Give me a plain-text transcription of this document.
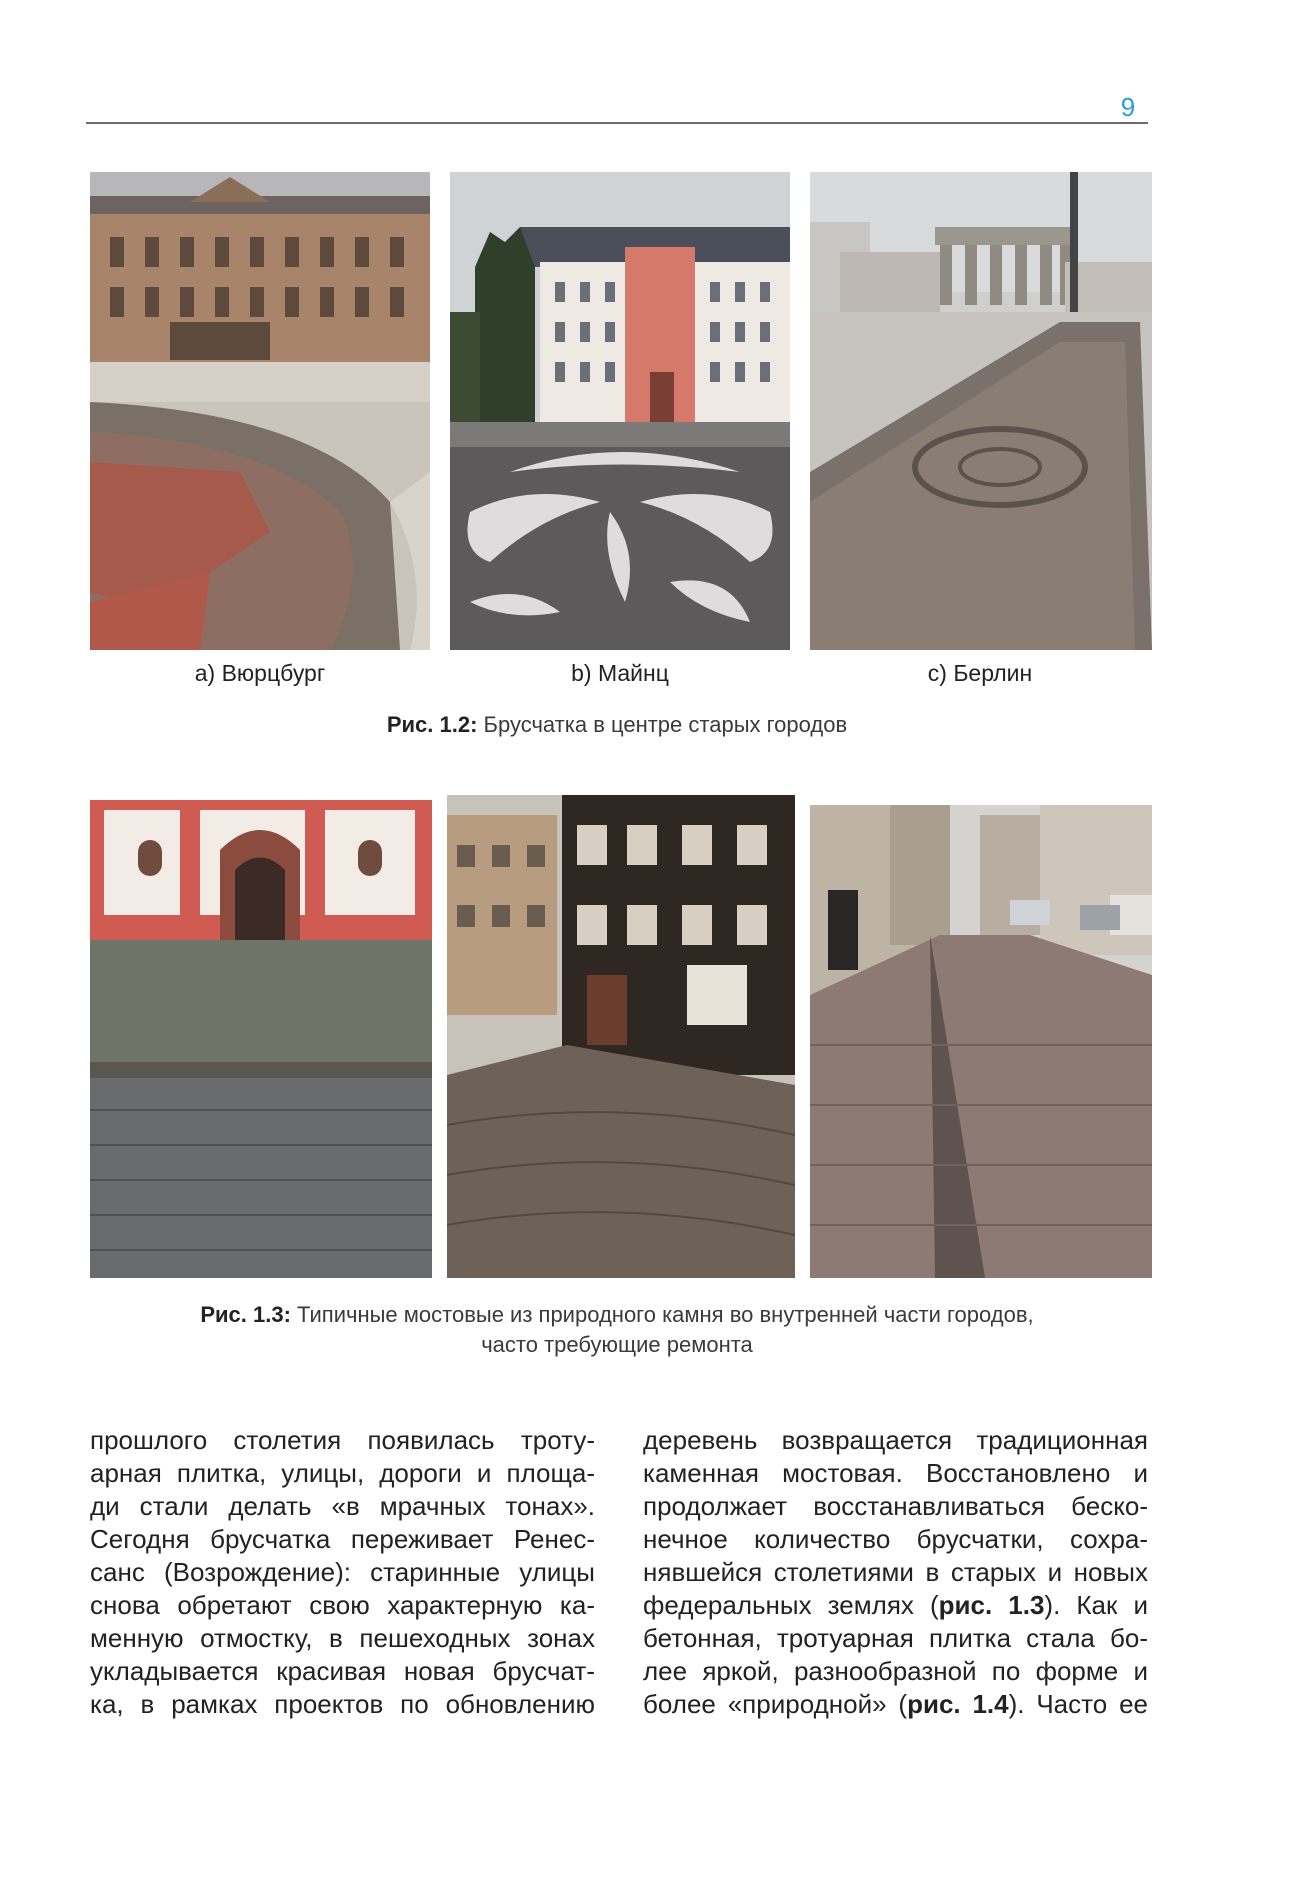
9
а) Вюрцбург	b) Майнц	с) Берлин
Рис. 1.2: Брусчатка в центре старых городов
Рис. 1.3: Типичные мостовые из природного камня во внутренней части городов,
часто требующие ремонта
прошлого столетия появилась троту-
арная плитка, улицы, дороги и площа-
ди стали делать «в мрачных тонах».
Сегодня брусчатка переживает Ренес-
санс (Возрождение): старинные улицы
снова обретают свою характерную ка-
менную отмостку, в пешеходных зонах
укладывается красивая новая брусчат-
ка, в рамках проектов по обновлению
деревень возвращается традиционная
каменная мостовая. Восстановлено и
продолжает восстанавливаться беско-
нечное количество брусчатки, сохра-
нявшейся столетиями в старых и новых
федеральных землях (рис. 1.3). Как и
бетонная, тротуарная плитка стала бо-
лее яркой, разнообразной по форме и
более «природной» (рис. 1.4). Часто ее
